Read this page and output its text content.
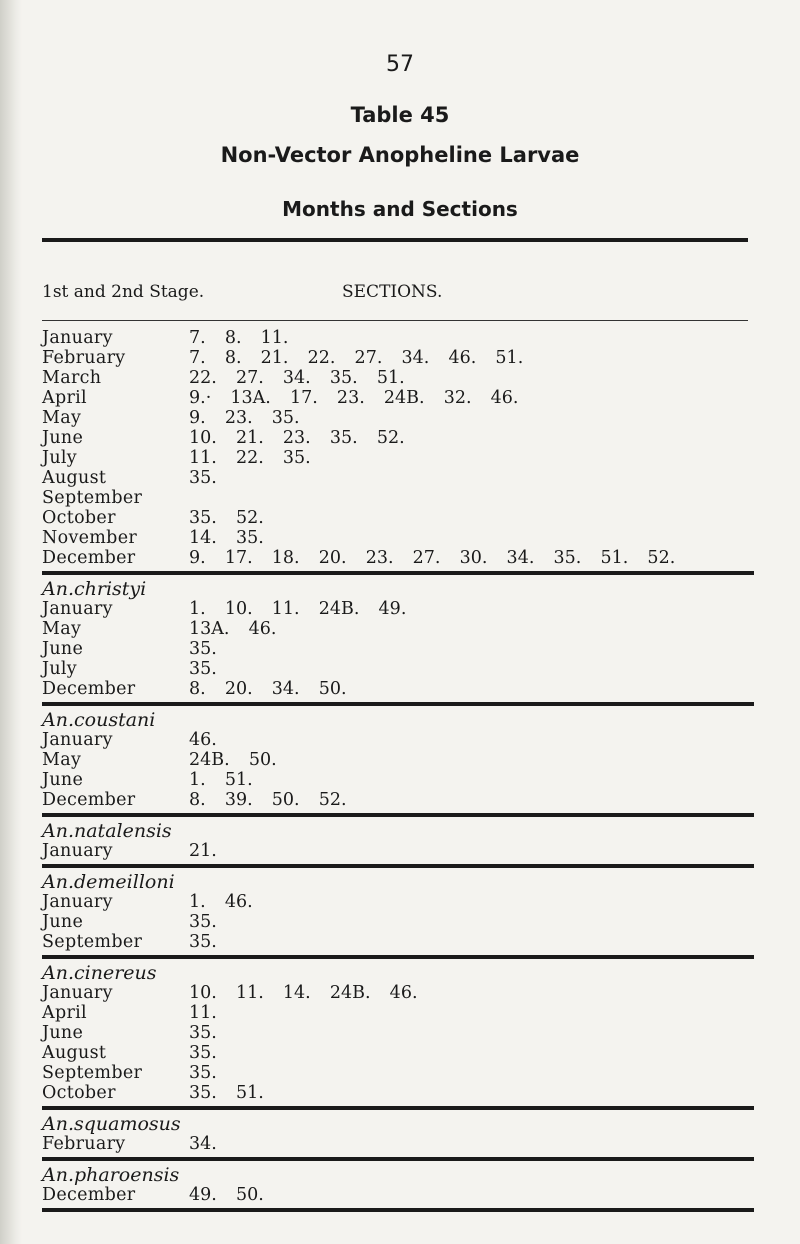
57
Table 45
Non-Vector Anopheline Larvae
Months and Sections
1st and 2nd Stage.	SECTIONS.
January	7.  8.  11.
February	7.  8.  21.  22.  27.  34.  46.  51.
March	22.  27.  34.  35.  51.
April	9.·  13A.  17.  23.  24B.  32.  46.
May	9.  23.  35.
June	10.  21.  23.  35.  52.
July	11.  22.  35.
August	35.
September
October	35.  52.
November	14.  35.
December	9.  17.  18.  20.  23.  27.  30.  34.  35.  51.  52.
An.christyi
January	1.  10.  11.  24B.  49.
May	13A.  46.
June	35.
July	35.
December	8.  20.  34.  50.
An.coustani
January	46.
May	24B.  50.
June	1.  51.
December	8.  39.  50.  52.
An.natalensis
January	21.
An.demeilloni
January	1.  46.
June	35.
September	35.
An.cinereus
January	10.  11.  14.  24B.  46.
April	11.
June	35.
August	35.
September	35.
October	35.  51.
An.squamosus
February	34.
An.pharoensis
December	49.  50.
